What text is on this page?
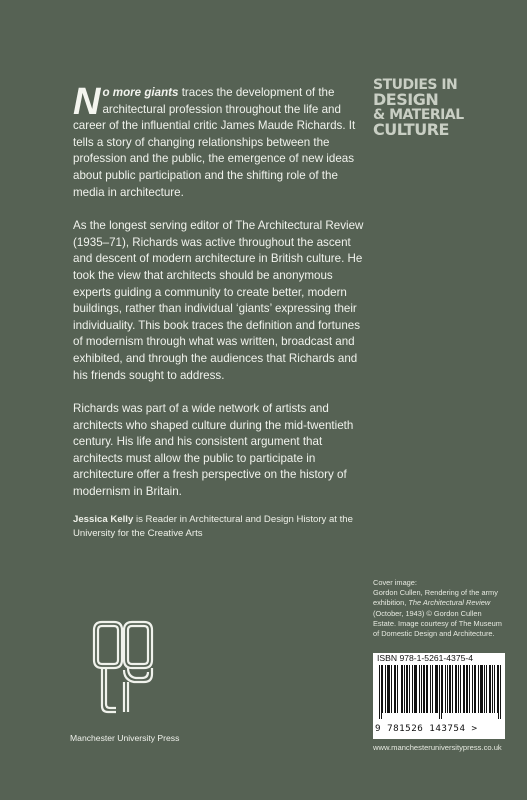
STUDIES IN
DESIGN
& MATERIAL
CULTURE

No more giants traces the development of the architectural profession throughout the life and career of the influential critic James Maude Richards. It tells a story of changing relationships between the profession and the public, the emergence of new ideas about public participation and the shifting role of the media in architecture.

As the longest serving editor of The Architectural Review (1935–71), Richards was active throughout the ascent and descent of modern architecture in British culture. He took the view that architects should be anonymous experts guiding a community to create better, modern buildings, rather than individual ‘giants’ expressing their individuality. This book traces the definition and fortunes of modernism through what was written, broadcast and exhibited, and through the audiences that Richards and his friends sought to address.

Richards was part of a wide network of artists and architects who shaped culture during the mid-twentieth century. His life and his consistent argument that architects must allow the public to participate in architecture offer a fresh perspective on the history of modernism in Britain.

Jessica Kelly is Reader in Architectural and Design History at the University for the Creative Arts
Cover image:
Gordon Cullen, Rendering of the army exhibition, The Architectural Review (October, 1943) © Gordon Cullen Estate. Image courtesy of The Museum of Domestic Design and Architecture.
Manchester University Press
ISBN 978-1-5261-4375-4
9 781526 143754 >
www.manchesteruniversitypress.co.uk
